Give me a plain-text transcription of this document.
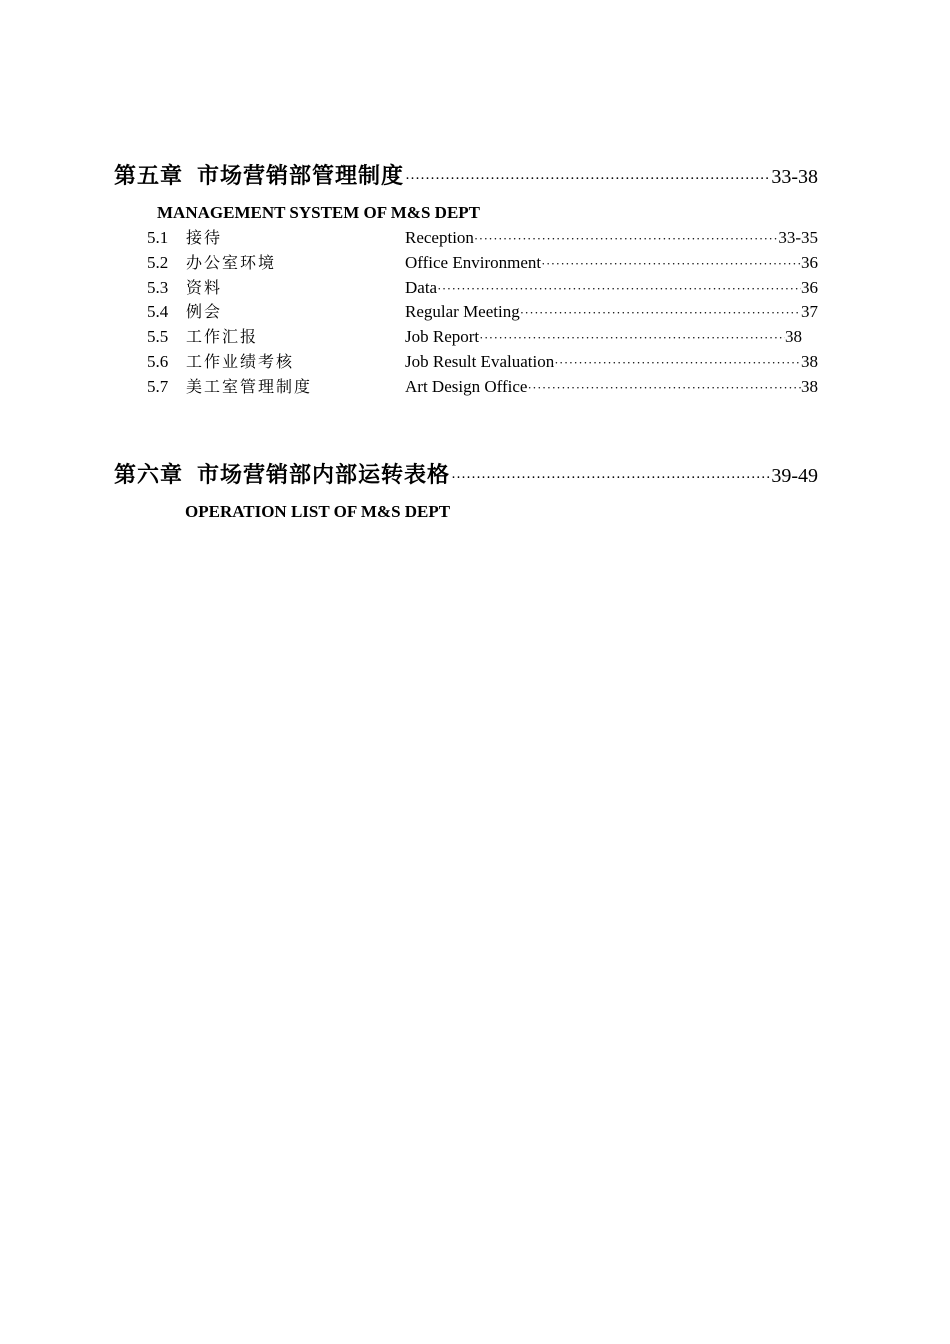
第五章 市场营销部管理制度 ·····	33-38
MANAGEMENT SYSTEM OF M&S DEPT
5.1	接待	Reception ·····	33-35
5.2	办公室环境	Office Environment ·····	36
5.3	资料	Data ·····	36
5.4	例会	Regular Meeting ·····	37
5.5	工作汇报	Job Report ·····	38
5.6	工作业绩考核	Job Result Evaluation ·····	38
5.7	美工室管理制度	Art Design Office ·····	38
第六章 市场营销部内部运转表格 ·····	39-49
OPERATION LIST OF M&S DEPT
